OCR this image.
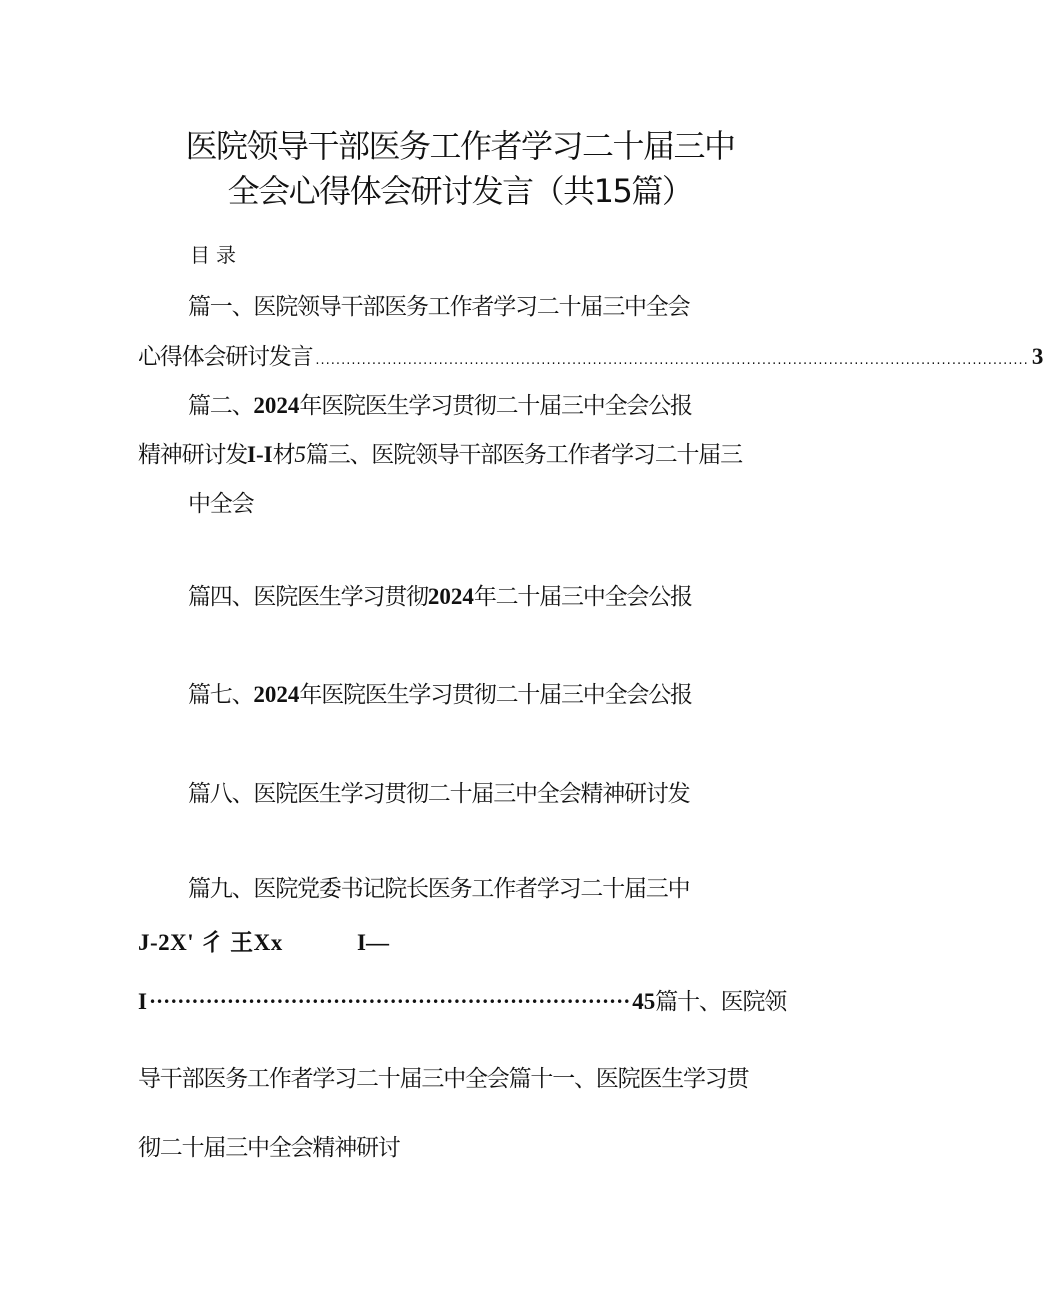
医院领导干部医务工作者学习二十届三中
全会心得体会研讨发言（共15篇）
目录
篇一、医院领导干部医务工作者学习二十届三中全会
心得体会研讨发言 ........................................................................................................................................... 3
篇二、2024年医院医生学习贯彻二十届三中全会公报
精神研讨发I-I材5篇三、医院领导干部医务工作者学习二十届三
中全会
篇四、医院医生学习贯彻2024年二十届三中全会公报
篇七、2024年医院医生学习贯彻二十届三中全会公报
篇八、医院医生学习贯彻二十届三中全会精神研讨发
篇九、医院党委书记院长医务工作者学习二十届三中
J-2X' 彳 王Xx	I—
I •••••••••••••••••••••••••••••••••••••••••••••••••••••••••••••••••••• 45 篇十、医院领
导干部医务工作者学习二十届三中全会篇十一、医院医生学习贯
彻二十届三中全会精神研讨
